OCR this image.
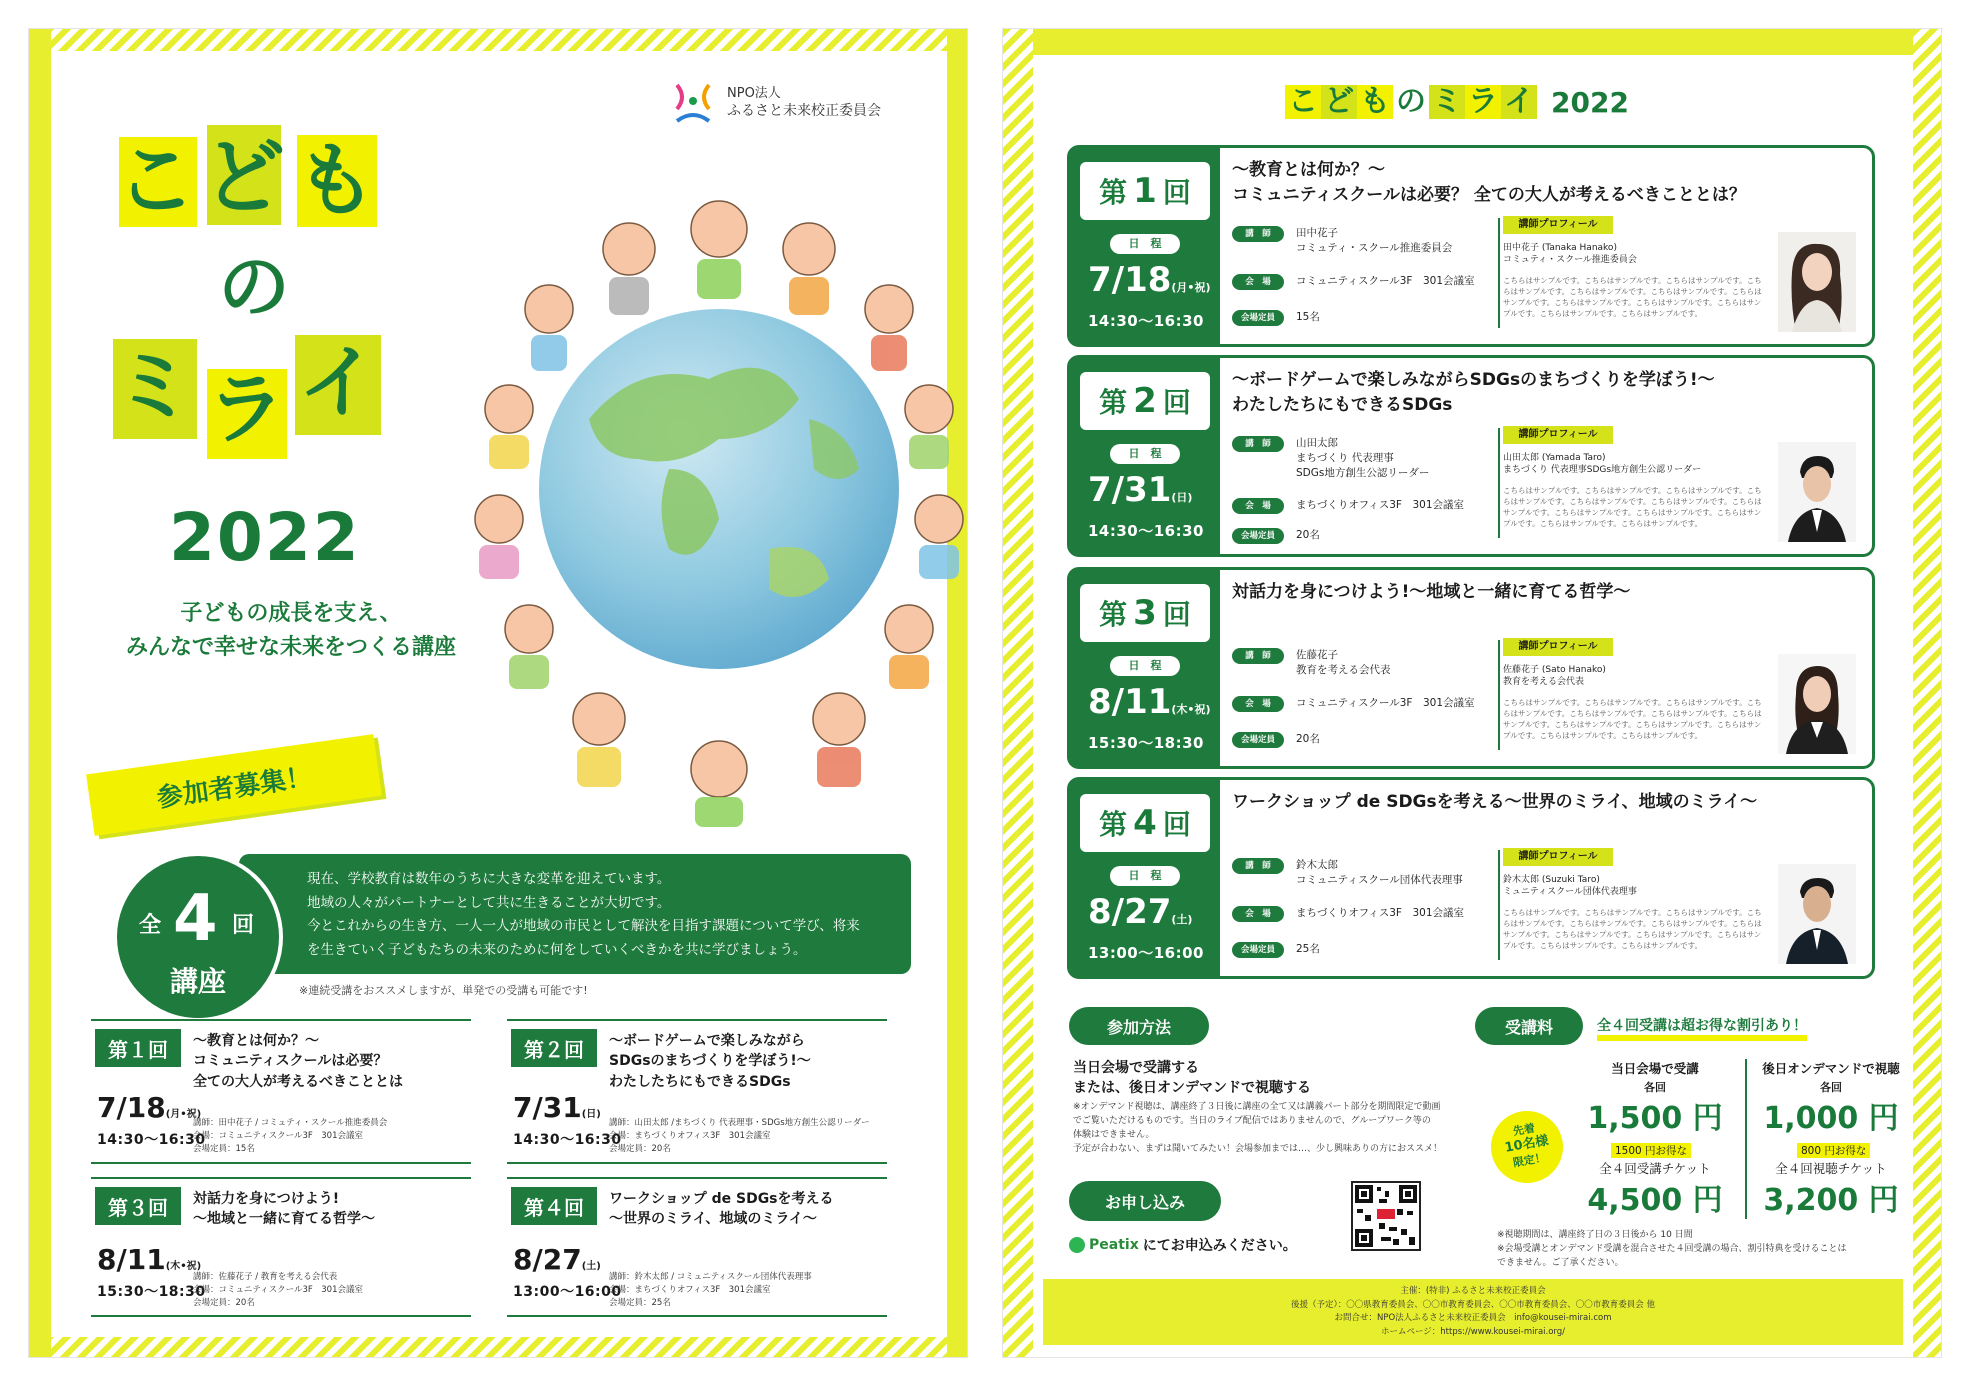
NPO法人
ふるさと未来校正委員会
こ ど も
の
ミ ラ イ
2022
子どもの成長を支え、
みんなで幸せな未来をつくる講座
参加者募集！
現在、学校教育は数年のうちに大きな変革を迎えています。
地域の人々がパートナーとして共に生きることが大切です。
今とこれからの生き方、一人一人が地域の市民として解決を目指す課題について学び、将来
を生きていく子どもたちの未来のために何をしていくべきかを共に学びましょう。
全 4 回
講座	※連続受講をおススメしますが、単発での受講も可能です!
第１回	〜教育とは何か？〜
コミュニティスクールは必要？
全ての大人が考えるべきこととは
7/18(月•祝)
14:30〜16:30
講師：田中花子 / コミュティ・スクール推進委員会
会場：コミュニティスクール3F　301会議室
会場定員：15名
第２回	〜ボードゲームで楽しみながら
SDGsのまちづくりを学ぼう!〜
わたしたちにもできるSDGs
7/31(日)
14:30〜16:30
講師：山田太郎 /まちづくり 代表理事・SDGs地方創生公認リーダー
会場：まちづくりオフィス3F　301会議室
会場定員：20名
第３回	対話力を身につけよう!
〜地域と一緒に育てる哲学〜
8/11(木•祝)
15:30〜18:30
講師：佐藤花子 / 教育を考える会代表
会場：コミュニティスクール3F　301会議室
会場定員：20名
第４回	ワークショップ de SDGsを考える
〜世界のミライ、地域のミライ〜
8/27(土)
13:00〜16:00
講師：鈴木太郎 / コミュニティスクール団体代表理事
会場：まちづくりオフィス3F　301会議室
会場定員：25名
こ ど も の ミ ラ イ 2022
第 1 回
日　程
7/18(月•祝)
14:30〜16:30
〜教育とは何か？〜
コミュニティスクールは必要？ 全ての大人が考えるべきこととは？
講　師	田中花子
コミュティ・スクール推進委員会
会　場	コミュニティスクール3F　301会議室
会場定員	15名
講師プロフィール
田中花子 (Tanaka Hanako)
コミュティ・スクール推進委員会
こちらはサンプルです。こちらはサンプルです。こちらはサンプルです。こちらはサンプルです。こちらはサンプルです。こちらはサンプルです。こちらはサンプルです。こちらはサンプルです。こちらはサンプルです。こちらはサンプルです。こちらはサンプルです。こちらはサンプルです。
第 2 回
日　程
7/31(日)
14:30〜16:30
〜ボードゲームで楽しみながらSDGsのまちづくりを学ぼう!〜
わたしたちにもできるSDGs
講　師	山田太郎
まちづくり 代表理事
SDGs地方創生公認リーダー
会　場	まちづくりオフィス3F　301会議室
会場定員	20名
講師プロフィール
山田太郎 (Yamada Taro)
まちづくり 代表理事SDGs地方創生公認リーダー
こちらはサンプルです。こちらはサンプルです。こちらはサンプルです。こちらはサンプルです。こちらはサンプルです。こちらはサンプルです。こちらはサンプルです。こちらはサンプルです。こちらはサンプルです。こちらはサンプルです。こちらはサンプルです。こちらはサンプルです。
第 3 回
日　程
8/11(木•祝)
15:30〜18:30
対話力を身につけよう!〜地域と一緒に育てる哲学〜
講　師	佐藤花子
教育を考える会代表
会　場	コミュニティスクール3F　301会議室
会場定員	20名
講師プロフィール
佐藤花子 (Sato Hanako)
教育を考える会代表
こちらはサンプルです。こちらはサンプルです。こちらはサンプルです。こちらはサンプルです。こちらはサンプルです。こちらはサンプルです。こちらはサンプルです。こちらはサンプルです。こちらはサンプルです。こちらはサンプルです。こちらはサンプルです。こちらはサンプルです。
第 4 回
日　程
8/27(土)
13:00〜16:00
ワークショップ de SDGsを考える〜世界のミライ、地域のミライ〜
講　師	鈴木太郎
コミュニティスクール団体代表理事
会　場	まちづくりオフィス3F　301会議室
会場定員	25名
講師プロフィール
鈴木太郎 (Suzuki Taro)
ミュニティスクール団体代表理事
こちらはサンプルです。こちらはサンプルです。こちらはサンプルです。こちらはサンプルです。こちらはサンプルです。こちらはサンプルです。こちらはサンプルです。こちらはサンプルです。こちらはサンプルです。こちらはサンプルです。こちらはサンプルです。こちらはサンプルです。
参加方法
当日会場で受講する
または、後日オンデマンドで視聴する
※オンデマンド視聴は、講座終了３日後に講座の全て又は講義パート部分を期間限定で動画
でご覧いただけるものです。当日のライブ配信ではありませんので、グループワーク等の
体験はできません。
予定が合わない、まずは聞いてみたい！会場参加までは…、少し興味ありの方におススメ！
お申し込み
Peatix にてお申込みください。
受講料	全４回受講は超お得な割引あり！
当日会場で受講
各回
1,500 円
1500 円お得な
全４回受講チケット
4,500 円
後日オンデマンドで視聴
各回
1,000 円
800 円お得な
全４回視聴チケット
3,200 円
先着
10名様
限定！
※視聴期間は、講座終了日の３日後から 10 日間
※会場受講とオンデマンド受講を混合させた４回受講の場合、割引特典を受けることは
できません。ご了承ください。
主催：(特非) ふるさと未来校正委員会
後援（予定）：〇〇県教育委員会、〇〇市教育委員会、〇〇市教育委員会、〇〇市教育委員会 他
お問合せ：NPO法人ふるさと未来校正委員会　info@kousei-mirai.com
ホームページ：https://www.kousei-mirai.org/
